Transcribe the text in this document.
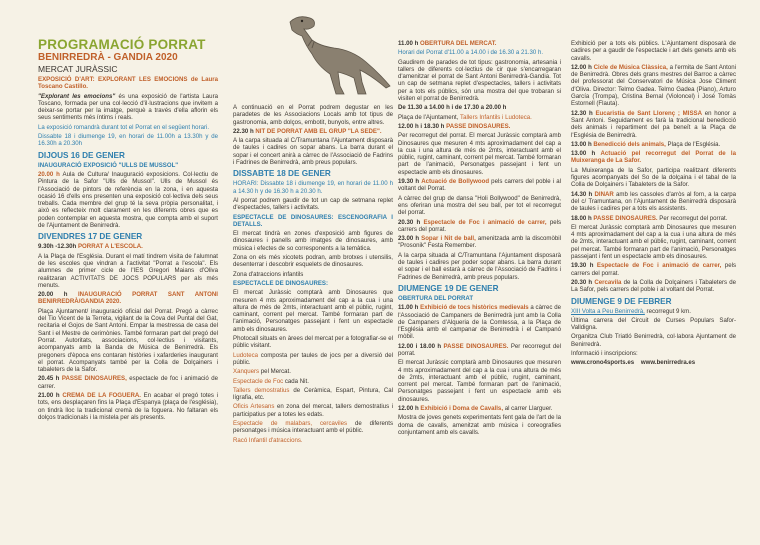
PROGRAMACIÓ PORRAT
BENIRREDRÀ - GANDIA 2020
MERCAT JURÀSSIC

EXPOSICIÓ D'ART: EXPLORANT LES EMOCIONS de Laura Toscano Castillo.

"Explorant les emocions" és una exposició de l'artista Laura Toscano, formada per una col·lecció d'il·lustracions que invitem a deixar-se portar per la imatge, perquè a través d'ella aflorin els seus sentiments més íntims i reals.

La exposició romandrà durant tot el Porrat en el següent horari.

Dissabte 18 i diumenge 19, en horari de 11.00h a 13.30h y de 16.30h a 20.30h

DIJOUS 16 DE GENER

INAUGURACIÓ EXPOSICIÓ "ULLS DE MUSSOL"

20.00 h Aula de Cultura/ Inauguració exposicions. Col·lectiu de Pintura de la Safor "Ulls de Mussol". Ulls de Mussol és l'Associació de pintors de referència en la zona, i en aquesta ocasió 16 d'ells ens presenten una exposició col·lectiva dels seus treballs. Cada membre del grup té la seva pròpia personalitat, i això es reflecteix molt clarament en les diferents obres que es poden contemplar en aquesta mostra, que compta amb el suport de l'Ajuntament de Benirredrà.

DIVENDRES 17 DE GENER

9.30h -12.30h PORRAT A L'ESCOLA.

A la Plaça de l'Església. Durant el matí tindrem visita de l'alumnat de les escoles que vindran a l'activitat "Porrat a l'escola". Els alumnes de primer cicle de l'IES Gregori Maians d'Oliva realitzaran ACTIVITATS DE JOCS POPULARS per als més menuts.

20.00 h INAUGURACIÓ PORRAT SANT ANTONI BENIRREDRÀ/GANDIA 2020.

Plaça Ajuntament/ inauguració oficial del Porrat. Pregó a càrrec del Tio Vicent de la Terreta, vigilant de la Cova del Puntal del Gat, recitaria el Gojos de Sant Antoni. Empar la mestressa de casa del Sant i el Mestre de cerimònies. També formaran part del pregó del Porrat. Autoritats, associacions, col·lectius i visitants, acompanyats amb la Banda de Música de Benirredrà. Els pregoners d'època ens contaran històries i xafarderies inaugurant el porrat. Acompanyats també per la Colla de Dolçainers i tabaleters de la Safor.

20.45 h PASSE DINOSAURES, espectacle de foc i animació de carrer.

21.00 h CREMA DE LA FOGUERA. En acabar el pregó totes i tots, ens desplaçaren fins la Plaça d'Espanya (plaça de l'església), on tindrà lloc la tradicional cremà de la foguera. No faltaran els dolços tradicionals i la mistela per als presents.

A continuació en el Porrat podrem degustar en les paradetes de les Associacions Locals amb tot tipus de gastronomia, amb dolços, embotit, bunyols, entre altres.

22.30 h NIT DE PORRAT AMB EL GRUP "LA SEDE".

A la carpa situada al C/Tramuntana l'Ajuntament disposarà de taules i cadires on sopar abans. La barra durant el sopar i el concert anirà a càrrec de l'Associació de Fadrins i Fadrines de Benirredrà, amb preus populars.

DISSABTE 18 DE GENER

HORARI: Dissabte 18 i diumenge 19, en horari de 11.00 h a 14.30 h y de 16.30 h a 20.30 h.

Al porrat podrem gaudir de tot un cap de setmana replet d'espectacles, tallers i activitats.

ESPECTACLE DE DINOSAURES: ESCENOGRAFIA I DETALLS.

El mercat tindrà en zones d'exposició amb figures de dinosaures i panells amb imatges de dinosaures, amb música i efectes de so corresponents a la temàtica.

Zona on els més xicotets podran, amb brotxes i utensilis, desenterrar i descobrir esquelets de dinosaures.

Zona d'atraccions infantils

ESPECTACLE DE DINOSAURES:

El mercat Juràssic comptarà amb Dinosaures que mesuren 4 mts aproximadament del cap a la cua i una altura de més de 2mts, interactuant amb el públic, rugint, caminant, corrent pel mercat. També formaran part de l'animació, Personatges passejant i fent un espectacle amb els dinosaures.

Photocall situats en àrees del mercat per a fotografiar-se el públic visitant.

Ludoteca composta per taules de jocs per a diversió del públic.

Xanquers pel Mercat.

Espectacle de Foc cada Nit.

Tallers demostratius de Ceràmica, Espart, Pintura, Cal lígrafia, etc.

Oficis Artesans en zona del mercat, tallers demostratius i participatius per a totes les edats.

Espectacle de malabars, cercaviles de diferents personatges i música interactuant amb el públic.

Racó Infantil d'atraccions.

11.00 h OBERTURA DEL MERCAT.

Horari del Porrat d'11.00 a 14.00 i de 16.30 a 21.30 h.

Gaudirem de parades de tot tipus: gastronomia, artesania i tallers de diferents col·lectius de cir que s'encarregaran d'amenitzar el porrat de Sant Antoni Benirredrà-Gandia. Tot un cap de setmana replet d'espectacles, tallers i activitats per a tots els públics, són una mostra del que trobaran si visiten el porrat de Benirredrà.

De 11.30 a 14.00 h i de 17.30 a 20.00 h

Plaça de l'Ajuntament, Tallers Infantils i Ludoteca.

12.00 h i 18.30 h PASSE DINOSAURES.

Per recorregut del porrat. El mercat Juràssic comptarà amb Dinosaures que mesuren 4 mts aproximadament del cap a la cua i una altura de més de 2mts, interactuant amb el públic, rugint, caminant, corrent pel mercat. També formaran part de l'animació, Personatges passejant i fent un espectacle amb els dinosaures.

19.30 h Actuació de Bollywood pels carrers del poble i al voltant del Porrat.

A càrrec del grup de dansa "Holi Bollywood" de Benirredrà, ens oferiran una mostra del seu ball, per tot el recorregut del porrat.

20.30 h Espectacle de Foc i animació de carrer, pels carrers del porrat.

23.00 h Sopar i Nit de ball, amenitzada amb la discomòbil "Prosonik" Festa Remember.

A la carpa situada al C/Tramuntana l'Ajuntament disposarà de taules i cadires per poder sopar abans. La barra durant el sopar i el ball estarà a càrrec de l'Associació de Fadrins i Fadrines de Benirredrà, amb preus populars.

DIUMENGE 19 DE GENER

OBERTURA DEL PORRAT

11.00 h Exhibició de tocs històrics medievals a càrrec de l'Associació de Campaners de Benirredrà junt amb la Colla de Campaners d'Alqueria de la Comtessa, a la Plaça de l'Església amb el campanar de Benirredrà i el Campanó mòbil.

12.00 i 18.00 h PASSE DINOSAURES. Per recorregut del porrat.

El mercat Juràssic comptarà amb Dinosaures que mesuren 4 mts aproximadament del cap a la cua i una altura de més de 2mts, interactuant amb el públic, rugint, caminant, corrent pel mercat. També formaran part de l'animació, Personatges passejant i fent un espectacle amb els dinosaures.

12.00 h Exhibició i Doma de Cavalls, al carrer Llarguer.

Mostra de joves genets experimentats fent gala de l'art de la doma de cavalls, amenitzat amb música i coreografies conjuntament amb els cavalls.

Exhibició per a tots els públics. L'Ajuntament disposarà de cadires per a gaudir de l'espectacle i art dels genets amb els cavalls.

12.00 h Cicle de Música Clàssica, a l'ermita de Sant Antoni de Benirredrà. Obres dels grans mestres del Barroc a càrrec del professorat del Conservatori de Música Jose Climent d'Oliva. Director: Telmo Gadea. Telmo Gadea (Piano), Arturo García (Trompa), Cristina Bernal (Violoncel) i José Tomàs Estornell (Flauta).

12.30 h Eucaristia de Sant Llorenç ; MISSA en honor a Sant Antoni. Seguidament es farà la tradicional benedicció dels animals i repartiment del pa beneït a la Plaça de l'Església de Benirredrà.

13.00 h Benedicció dels animals, Plaça de l'Església.

13.00 h Actuació pel recorregut del Porrat de la Muixeranga de La Safor.

La Muixeranga de la Safor, participa realitzant diferents figures acompanyats del So de la dolçaina i el tabal de la Colla de Dolçainers i Tabaleters de la Safor.

14.30 h DINAR amb les cassoles d'arròs al forn, a la carpa del c/ Tramuntana, on l'Ajuntament de Benirredrà disposarà de taules i cadires per a tots els assistents.

18.00 h PASSE DINOSAURES. Per recorregut del porrat.

El mercat Juràssic comptarà amb Dinosaures que mesuren 4 mts aproximadament del cap a la cua i una altura de més de 2mts, interactuant amb el públic, rugint, caminant, corrent pel mercat. També formaran part de l'animació, Personatges passejant i fent un espectacle amb els dinosaures.

19.30 h Espectacle de Foc i animació de carrer, pels carrers del porrat.

20.30 h Cercavila de la Colla de Dolçainers i Tabaleters de La Safor, pels carrers del poble i al voltant del Porrat.

DIUMENGE 9 DE FEBRER

XIII Volta a Peu Benirredrà, recorregut 9 km.

Última carrera del Circuit de Curses Populars Safor-Valldigna.

Organitza Club Triatló Benirredrà, col·labora Ajuntament de Benirredrà.

Informació i inscripcions:

www.crono4sports.es www.benirredra.es
